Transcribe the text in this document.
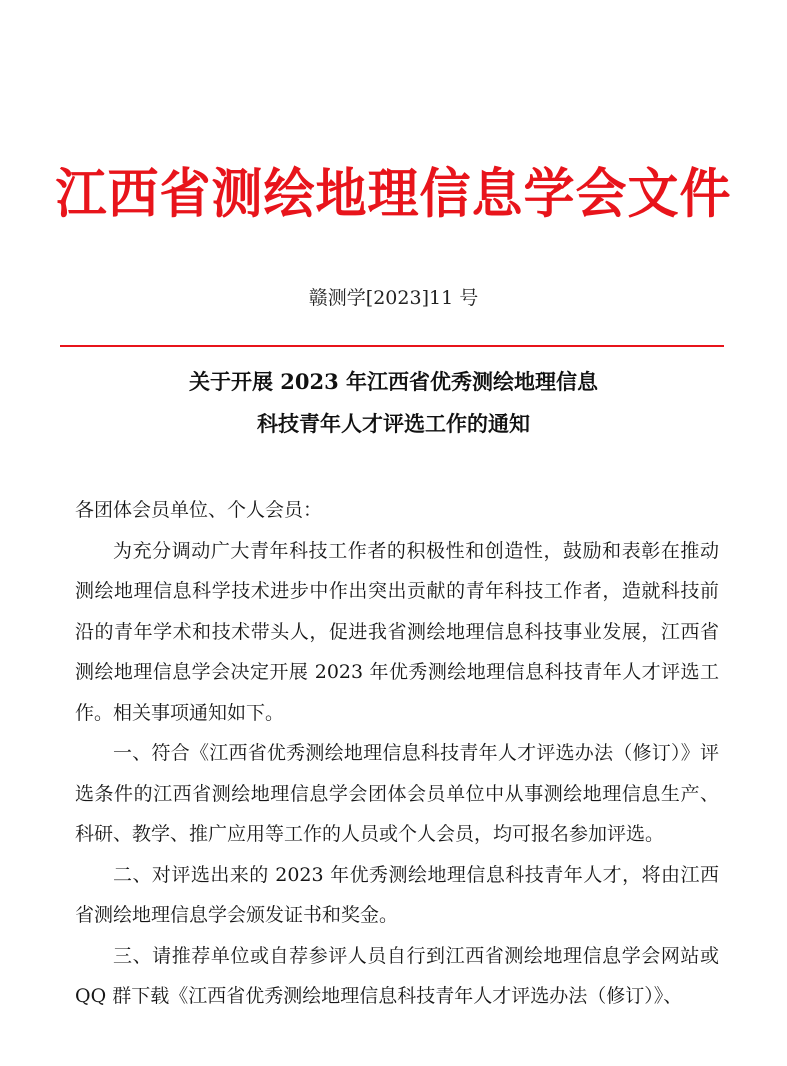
江西省测绘地理信息学会文件
赣测学[2023]11 号
关于开展 2023 年江西省优秀测绘地理信息
科技青年人才评选工作的通知

各团体会员单位、个人会员：

为充分调动广大青年科技工作者的积极性和创造性，鼓励和表彰在推动测绘地理信息科学技术进步中作出突出贡献的青年科技工作者，造就科技前沿的青年学术和技术带头人，促进我省测绘地理信息科技事业发展，江西省测绘地理信息学会决定开展 2023 年优秀测绘地理信息科技青年人才评选工作。相关事项通知如下。

一、符合《江西省优秀测绘地理信息科技青年人才评选办法（修订）》评选条件的江西省测绘地理信息学会团体会员单位中从事测绘地理信息生产、科研、教学、推广应用等工作的人员或个人会员，均可报名参加评选。

二、对评选出来的 2023 年优秀测绘地理信息科技青年人才，将由江西省测绘地理信息学会颁发证书和奖金。

三、请推荐单位或自荐参评人员自行到江西省测绘地理信息学会网站或 QQ 群下载《江西省优秀测绘地理信息科技青年人才评选办法（修订）》、
